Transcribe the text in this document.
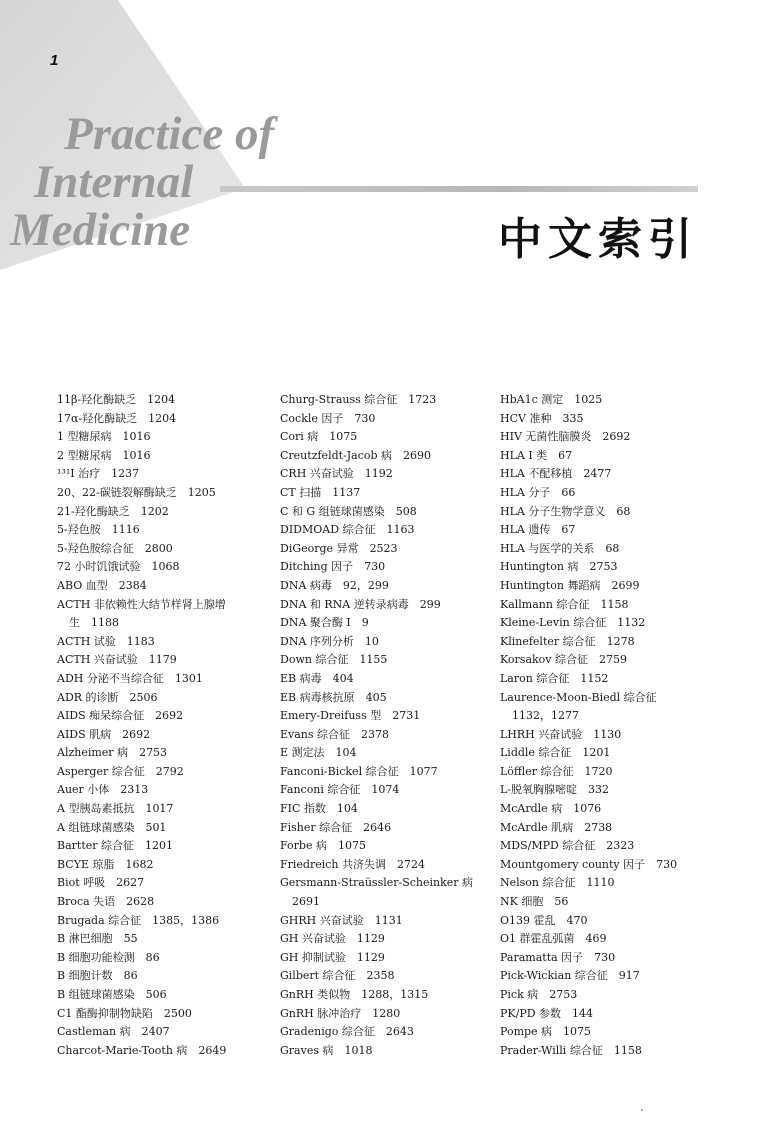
1
Practice of
Internal
Medicine	中文索引
11β-羟化酶缺乏　1204
17α-羟化酶缺乏　1204
1 型糖尿病　1016
2 型糖尿病　1016
¹³¹I 治疗　1237
20、22-碳链裂解酶缺乏　1205
21-羟化酶缺乏　1202
5-羟色胺　1116
5-羟色胺综合征　2800
72 小时饥饿试验　1068
ABO 血型　2384
ACTH 非依赖性大结节样肾上腺增
生　1188
ACTH 试验　1183
ACTH 兴奋试验　1179
ADH 分泌不当综合征　1301
ADR 的诊断　2506
AIDS 痴呆综合征　2692
AIDS 肌病　2692
Alzheimer 病　2753
Asperger 综合征　2792
Auer 小体　2313
A 型胰岛素抵抗　1017
A 组链球菌感染　501
Bartter 综合征　1201
BCYE 琼脂　1682
Biot 呼吸　2627
Broca 失语　2628
Brugada 综合征　1385，1386
B 淋巴细胞　55
B 细胞功能检测　86
B 细胞计数　86
B 组链球菌感染　506
C1 酯酶抑制物缺陷　2500
Castleman 病　2407
Charcot-Marie-Tooth 病　2649
Churg-Strauss 综合征　1723
Cockle 因子　730
Cori 病　1075
Creutzfeldt-Jacob 病　2690
CRH 兴奋试验　1192
CT 扫描　1137
C 和 G 组链球菌感染　508
DIDMOAD 综合征　1163
DiGeorge 异常　2523
Ditching 因子　730
DNA 病毒　92，299
DNA 和 RNA 逆转录病毒　299
DNA 聚合酶 I　9
DNA 序列分析　10
Down 综合征　1155
EB 病毒　404
EB 病毒核抗原　405
Emery-Dreifuss 型　2731
Evans 综合征　2378
E 测定法　104
Fanconi-Bickel 综合征　1077
Fanconi 综合征　1074
FIC 指数　104
Fisher 综合征　2646
Forbe 病　1075
Friedreich 共济失调　2724
Gersmann-Straüssler-Scheinker 病
2691
GHRH 兴奋试验　1131
GH 兴奋试验　1129
GH 抑制试验　1129
Gilbert 综合征　2358
GnRH 类似物　1288，1315
GnRH 脉冲治疗　1280
Gradenigo 综合征　2643
Graves 病　1018
HbA1c 测定　1025
HCV 准种　335
HIV 无菌性脑膜炎　2692
HLA I 类　67
HLA 不配移植　2477
HLA 分子　66
HLA 分子生物学意义　68
HLA 遗传　67
HLA 与医学的关系　68
Huntington 病　2753
Huntington 舞蹈病　2699
Kallmann 综合征　1158
Kleine-Levin 综合征　1132
Klinefelter 综合征　1278
Korsakov 综合征　2759
Laron 综合征　1152
Laurence-Moon-Biedl 综合征
1132，1277
LHRH 兴奋试验　1130
Liddle 综合征　1201
Löffler 综合征　1720
L-脱氧胸腺嘧啶　332
McArdle 病　1076
McArdle 肌病　2738
MDS/MPD 综合征　2323
Mountgomery county 因子　730
Nelson 综合征　1110
NK 细胞　56
O139 霍乱　470
O1 群霍乱弧菌　469
Paramatta 因子　730
Pick-Wickian 综合征　917
Pick 病　2753
PK/PD 参数　144
Pompe 病　1075
Prader-Willi 综合征　1158
